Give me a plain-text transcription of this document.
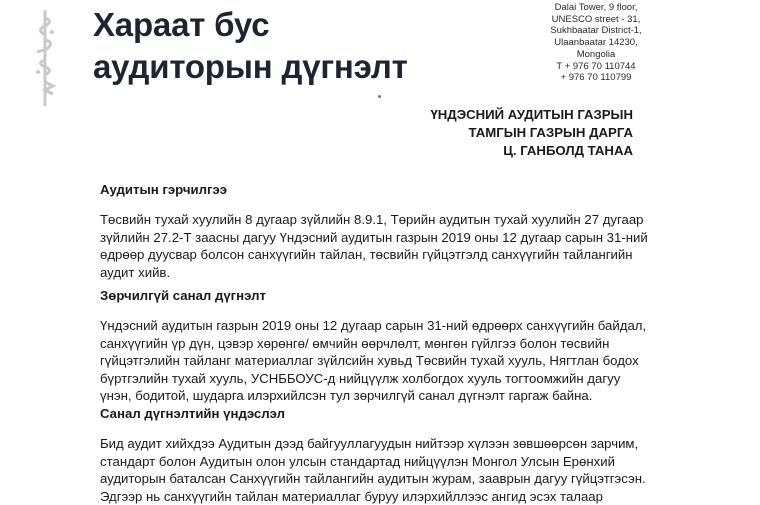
Хараат бус
аудиторын дүгнэлт
Dalai Tower, 9 floor,
UNESCO street - 31,
Sukhbaatar District-1,
Ulaanbaatar 14230,
Mongolia
T + 976 70 110744
+ 976 70 110799
ҮНДЭСНИЙ АУДИТЫН ГАЗРЫН
ТАМГЫН ГАЗРЫН ДАРГА
Ц. ГАНБОЛД ТАНАА
Аудитын гэрчилгээ
Төсвийн тухай хуулийн 8 дугаар зүйлийн 8.9.1, Төрийн аудитын тухай хуулийн 27 дугаар
зүйлийн 27.2-Т заасны дагуу Үндэсний аудитын газрын 2019 оны 12 дугаар сарын 31-ний
өдрөөр дуусвар болсон санхүүгийн тайлан, төсвийн гүйцэтгэлд санхүүгийн тайлангийн
аудит хийв.
Зөрчилгүй санал дүгнэлт
Үндэсний аудитын газрын 2019 оны 12 дугаар сарын 31-ний өдрөөрх санхүүгийн байдал,
санхүүгийн үр дүн, цэвэр хөрөнгө/ өмчийн өөрчлөлт, мөнгөн гүйлгээ болон төсвийн
гүйцэтгэлийн тайланг материаллаг зүйлсийн хувьд Төсвийн тухай хууль, Нягтлан бодох
бүртгэлийн тухай хууль, УСНББОУС-д нийцүүлж холбогдох хууль тогтоомжийн дагуу
үнэн, бодитой, шударга илэрхийлсэн тул зөрчилгүй санал дүгнэлт гаргаж байна.
Санал дүгнэлтийн үндэслэл
Бид аудит хийхдээ Аудитын дээд байгууллагуудын нийтээр хүлээн зөвшөөрсөн зарчим,
стандарт болон Аудитын олон улсын стандартад нийцүүлэн Монгол Улсын Ерөнхий
аудиторын баталсан Санхүүгийн тайлангийн аудитын журам, зааврын дагуу гүйцэтгэсэн.
Эдгээр нь санхүүгийн тайлан материаллаг буруу илэрхийллээс ангид эсэх талаар
